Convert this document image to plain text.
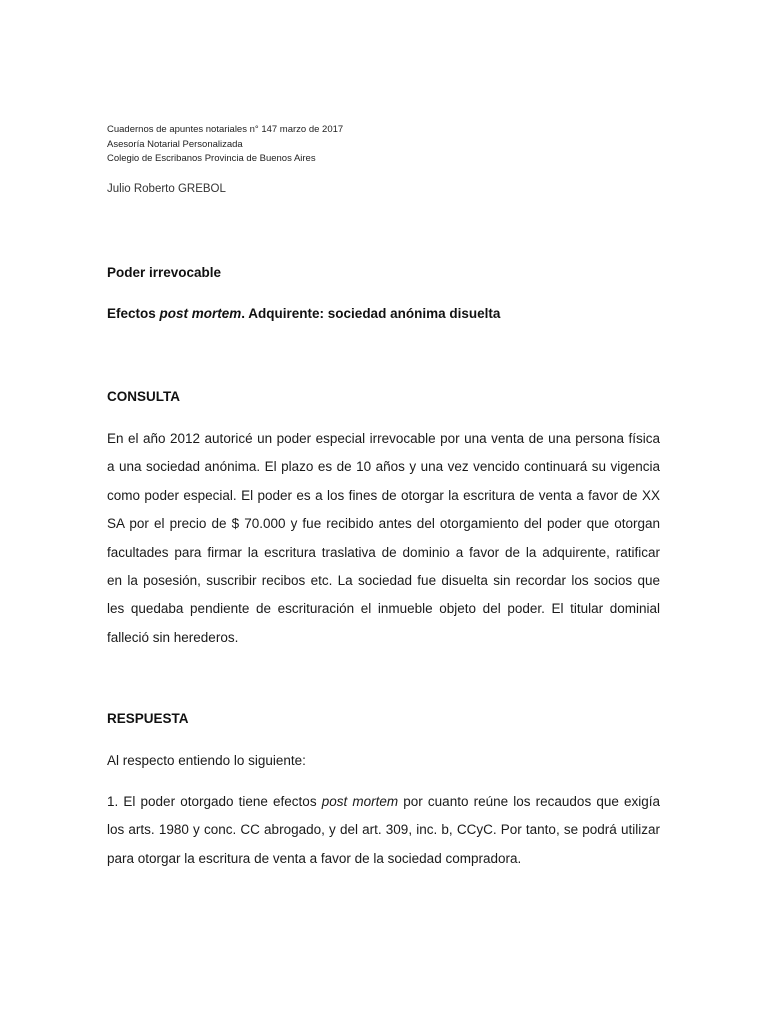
Cuadernos de apuntes notariales n° 147 marzo de 2017
Asesoría Notarial Personalizada
Colegio de Escribanos Provincia de Buenos Aires
Julio Roberto GREBOL
Poder irrevocable
Efectos post mortem. Adquirente: sociedad anónima disuelta
CONSULTA
En el año 2012 autoricé un poder especial irrevocable por una venta de una persona física
a una sociedad anónima. El plazo es de 10 años y una vez vencido continuará su vigencia
como poder especial. El poder es a los fines de otorgar la escritura de venta a favor de XX
SA por el precio de $ 70.000 y fue recibido antes del otorgamiento del poder que otorgan
facultades para firmar la escritura traslativa de dominio a favor de la adquirente, ratificar
en la posesión, suscribir recibos etc. La sociedad fue disuelta sin recordar los socios que
les quedaba pendiente de escrituración el inmueble objeto del poder. El titular dominial
falleció sin herederos.
RESPUESTA
Al respecto entiendo lo siguiente:
1. El poder otorgado tiene efectos post mortem por cuanto reúne los recaudos que exigía
los arts. 1980 y conc. CC abrogado, y del art. 309, inc. b, CCyC. Por tanto, se podrá utilizar
para otorgar la escritura de venta a favor de la sociedad compradora.
